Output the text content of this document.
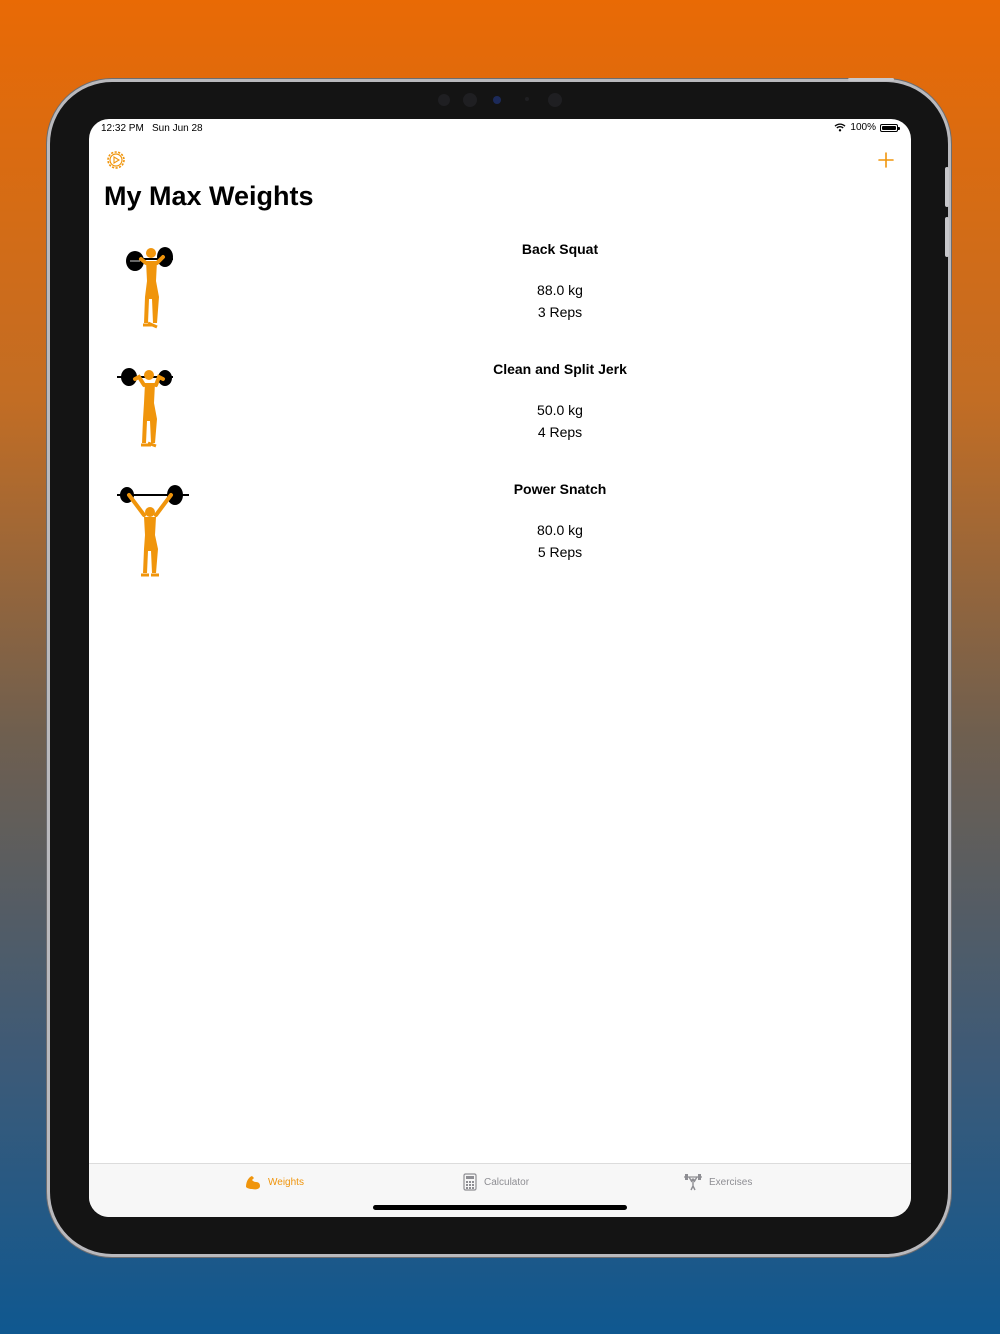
12:32 PM Sun Jun 28	100%
My Max Weights
Back Squat
88.0 kg
3 Reps
Clean and Split Jerk
50.0 kg
4 Reps
Power Snatch
80.0 kg
5 Reps
Weights	Calculator	Exercises
